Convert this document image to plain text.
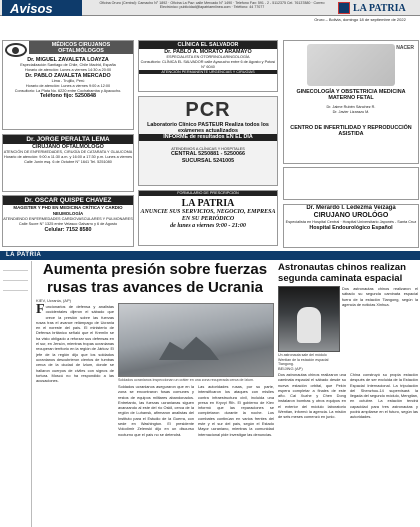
Avisos	Oficina Oruro (Central): Camacho N° 1892 · Oficina La Paz: calle Mercado N° 1490 · Telefono Fax: 591 - 2 - 5112375 Cel. 76137880 · Correo Electrónico: publicidad@lapatriaenlinea.com · Teléfono: 44 77077	LA PATRIA
Oruro – Bolivia, domingo 18 de septiembre de 2022
MÉDICOS CIRUJANOS OFTALMÓLOGOS
Dr. MIGUEL ZAVALETA LOAYZA
Especialización Santiago de Chile, Chile Madrid, España
Horario de atención: Lunes a viernes 14:30 a 20:00
Dr. PABLO ZAVALETA MERCADO
Lima - Trujillo, Perú
Horario de atención: Lunes a viernes 9:00 a 12:00
Consultorio: La Plata No. 6220 entre Cochabamba y Ayacucho.
Teléfono fijo: 5250848
Dr. JORGE PERALTA LEMA
CIRUJANO OFTALMÓLOGO
ATENCIÓN DE ENFERMEDADES, CIRUGÍA DE CATARATA Y GLAUCOMA
Horario de atención: 9:00 a 11:30 a.m. y 16:00 a 17:30 p.m. Lunes a viernes
Calle Junín esq. 6 de Octubre N° 1641 Tel. 5251080
Dr. OSCAR QUISPE CHAVEZ
MAGISTER Y PHD EN MEDICINA CRÍTICA Y CARDIO NEUMOLOGÍA
ATENDIENDO ENFERMEDADES CARDIOVASCULARES Y PULMONARES
Calle Sucre N° 1325 entre Velasco Galvarro y 6 de Agosto
Celular: 7152 8580
CLÍNICA EL SALVADOR
Dr. PABLO A. MORATO ARAMAYO
ESPECIALISTA EN OTORRINOLARINGOLOGÍA
Consultorio: CLÍNICA EL SALVADOR calle Ayacucho entre 6 de Agosto y Potosí N° 6040
ATENCIÓN PERMANENTE URGENCIAS Y CIRUGÍAS
PCR
Laboratorio Clínico PASTEUR Realiza todos los exámenes actualizados
INFORME de resultados EN EL DÍA
ATENDEMOS A CLÍNICAS Y HOSPITALES
CENTRAL 5250881 - 5250066
SUCURSAL 5241005
FORMULARIO DE PRESCRIPCIÓN
LA PATRIA
ANUNCIE SUS SERVICIOS, NEGOCIO, EMPRESA EN SU PERIÓDICO
de lunes a viernes 9:00 - 21:00
NACER
GINECOLOGÍA Y OBSTETRICIA MEDICINA MATERNO FETAL
Dr. Jaime Rubén Sánchez R.
Dr. Javier Lizarazu M.
CENTRO DE INFERTILIDAD Y REPRODUCCIÓN ASISTIDA
Dr. Merardo I. Ledezma Veizaga
CIRUJANO UROLÓGO
Especialista en Hospital Central · Hospital Universitario Japonés - Santa Cruz
Hospital Endourológico Español
LA PATRIA
Aumenta presión sobre fuerzas rusas tras avances de Ucrania
KIEV, Ucrania, (AP)
Funcionarios de defensa y analistas occidentales dijeron el sábado que crece la presión sobre las fuerzas rusas tras el avance relámpago de Ucrania en el noreste del país. El ministerio de Defensa británico señaló que el Kremlin se ha visto obligado a reforzar sus defensas en el sur, en Jersón, mientras tropas ucranianas recuperan territorio en la región de Járkov. El jefe de la región dijo que los soldados ucranianos descubrieron cientos de tumbas cerca de la ciudad de Izium, donde se hallaron cuerpos de civiles con signos de tortura. Moscú no ha respondido a las acusaciones.	Soldados ucranianos inspeccionan un cráter en una zona recuperada cerca de Izium.
Soldados ucranianos aseguraron que en la zona se encontraron fosas comunes y restos de equipos militares abandonados. Entretanto, las fuerzas ucranianas siguen avanzando al este del río Oskil, cerca de la región de Luhansk, afirmaron analistas del Instituto para el Estudio de la Guerra, con sede en Washington. El presidente Volodímir Zelenski dijo en un discurso nocturno que el país no se detendrá.
Las autoridades rusas, por su parte, intensificaron los ataques con misiles contra infraestructura civil, incluida una presa en Kryvyi Rih. El gobierno de Kiev informó que las reparaciones se completaron durante la noche. Los combates continúan en varios frentes del este y el sur del país, según el Estado Mayor ucraniano, mientras la comunidad internacional pide investigar las denuncias.
Astronautas chinos realizan segunda caminata espacial
Un astronauta sale del módulo Wentian de la estación espacial Tiangong.
BEIJING (AP)
Dos astronautas chinos realizaron el sábado su segunda caminata espacial fuera de la estación Tiangong, según la agencia de noticias Xinhua.
Dos astronautas chinos realizaron una caminata espacial el sábado desde su nueva estación orbital, que Pekín espera completar a finales de este año. Cai Xuzhe y Chen Dong instalaron bombas y otros equipos en el exterior del módulo laboratorio Wentian, informó la agencia. La misión de seis meses comenzó en junio.
China construyó su propia estación después de ser excluida de la Estación Espacial Internacional. La tripulación del Shenzhou-14 supervisará la llegada del segundo módulo, Mengtian, en octubre. La estación tendrá capacidad para tres astronautas y podrá ampliarse en el futuro, según las autoridades.
